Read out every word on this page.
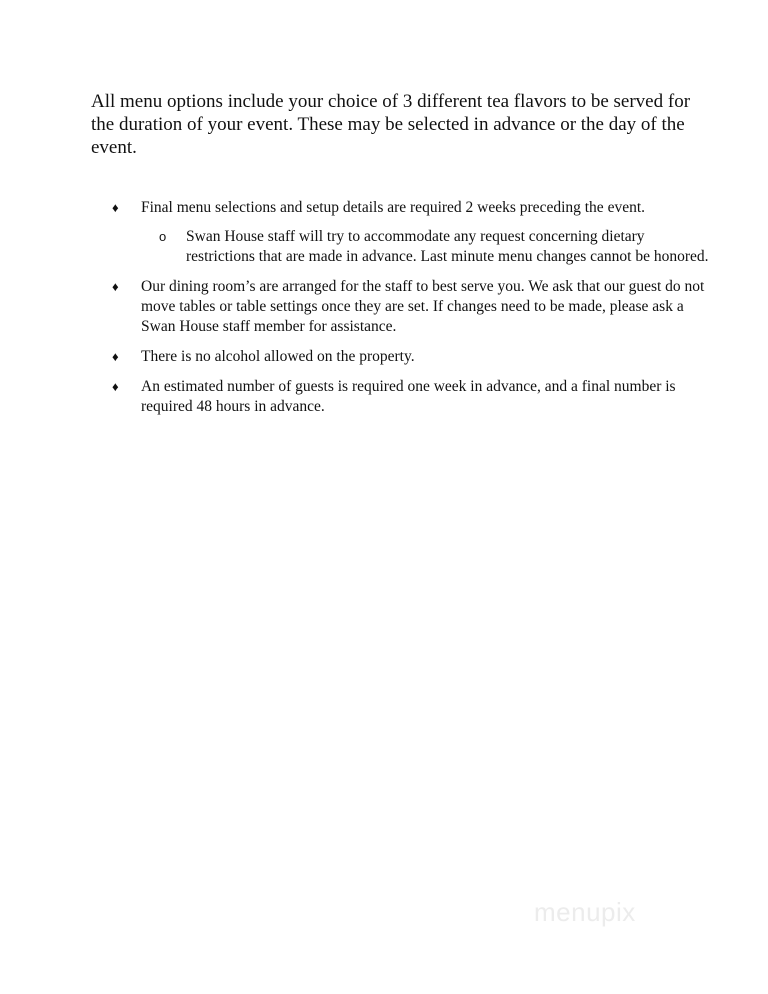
All menu options include your choice of 3 different tea flavors to be served for the duration of your event. These may be selected in advance or the day of the event.

♦ Final menu selections and setup details are required 2 weeks preceding the event.
o Swan House staff will try to accommodate any request concerning dietary restrictions that are made in advance. Last minute menu changes cannot be honored.
♦ Our dining room’s are arranged for the staff to best serve you. We ask that our guest do not move tables or table settings once they are set. If changes need to be made, please ask a Swan House staff member for assistance.
♦ There is no alcohol allowed on the property.
♦ An estimated number of guests is required one week in advance, and a final number is required 48 hours in advance.
menupix
